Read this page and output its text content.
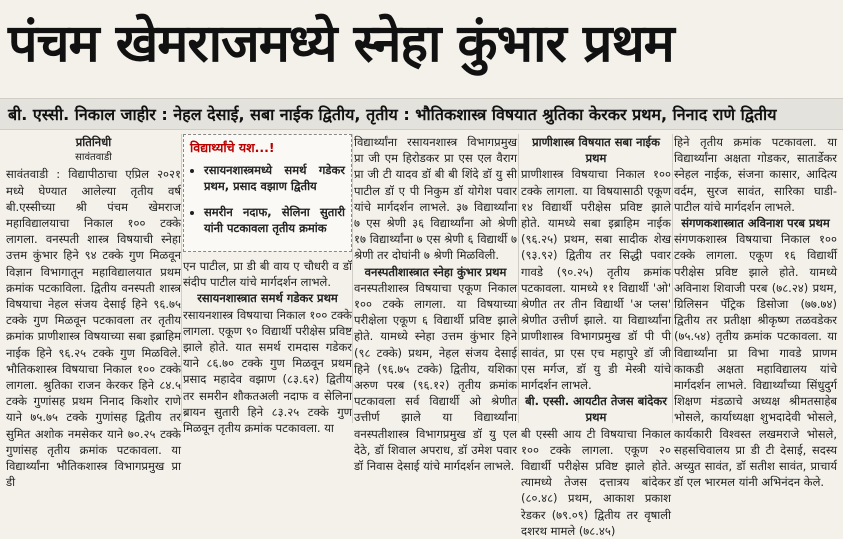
पंचम खेमराजमध्ये स्नेहा कुंभार प्रथम
बी. एस्सी. निकाल जाहीर : नेहल देसाई, सबा नाईक द्वितीय, तृतीय : भौतिकशास्त्र विषयात श्रुतिका केरकर प्रथम, निनाद राणे द्वितीय
प्रतिनिधी
सावंतवाडी

सावंतवाडी : विद्यापीठाचा एप्रिल २०२१ मध्ये घेण्यात आलेल्या तृतीय वर्ष बी.एस्सीच्या श्री पंचम खेमराज महाविद्यालयाचा निकाल १०० टक्के लागला. वनस्पती शास्त्र विषयाची स्नेहा उत्तम कुंभार हिने ९४ टक्के गुण मिळवून विज्ञान विभागातून महाविद्यालयात प्रथम क्रमांक पटकाविला. द्वितीय वनस्पती शास्त्र विषयाचा नेहल संजय देसाई हिने ९६.७५ टक्के गुण मिळवून पटकावला तर तृतीय क्रमांक प्राणीशास्त्र विषयाच्या सबा इब्राहिम नाईक हिने ९६.२५ टक्के गुण मिळविले. भौतिकशास्त्र विषयाचा निकाल १०० टक्के लागला. श्रुतिका राजन केरकर हिने ८४.५ टक्के गुणांसह प्रथम निनाद किशोर राणे याने ७५.७५ टक्के गुणांसह द्वितीय तर सुमित अशोक नमसेकर याने ७०.२५ टक्के गुणांसह तृतीय क्रमांक पटकावला. या विद्यार्थ्यांना भौतिकशास्त्र विभागप्रमुख प्रा डी

विद्यार्थ्यांचे यश...!
• रसायनशास्त्रमध्ये समर्थ गडेकर प्रथम, प्रसाद वझाण द्वितीय
• समरीन नदाफ, सेलिना सुतारी यांनी पटकावला तृतीय क्रमांक

एन पाटील, प्रा डी बी वाय ए चौधरी व डॉ संदीप पाटील यांचे मार्गदर्शन लाभले.

रसायनशास्त्रात समर्थ गडेकर प्रथम

रसायनशास्त्र विषयाचा निकाल १०० टक्के लागला. एकूण ९० विद्यार्थी परीक्षेस प्रविष्ट झाले होते. यात समर्थ रामदास गडेकर याने ८६.७० टक्के गुण मिळवून प्रथम प्रसाद महादेव वझाण (८३.६२) द्वितीय तर समरीन शौकतअली नदाफ व सेलिना ब्रायन सुतारी हिने ८३.२५ टक्के गुण मिळवून तृतीय क्रमांक पटकावला. या

विद्यार्थ्यांना रसायनशास्त्र विभागप्रमुख प्रा जी एम हिरोडकर प्रा एस एल वैराग प्रा जी टी यादव डॉ बी बी शिंदे डॉ यु सी पाटील डॉ ए पी निकुम डॉ योगेश पवार यांचे मार्गदर्शन लाभले. ३७ विद्यार्थ्यांना ७ एस श्रेणी ३६ विद्यार्थ्यांना ओ श्रेणी १७ विद्यार्थ्यांना ७ एस श्रेणी ६ विद्यार्थी ७ श्रेणी तर दोघांनी ७ श्रेणी मिळविली.

वनस्पतीशास्त्रात स्नेहा कुंभार प्रथम

वनस्पतीशास्त्र विषयाचा एकूण निकाल १०० टक्के लागला. या विषयाच्या परीक्षेला एकूण ६ विद्यार्थी प्रविष्ट झाले होते. यामध्ये स्नेहा उत्तम कुंभार हिने (९८ टक्के) प्रथम, नेहल संजय देसाई हिने (९६.७५ टक्के) द्वितीय, यशिका अरुण परब (९६.१२) तृतीय क्रमांक पटकावला सर्व विद्यार्थी ओ श्रेणीत उत्तीर्ण झाले या विद्यार्थ्यांना वनस्पतीशास्त्र विभागप्रमुख डॉ यु एल देठे, डॉ शिवाल अपराध, डॉ उमेश पवार डॉ निवास देसाई यांचे मार्गदर्शन लाभले.

प्राणीशास्त्र विषयात सबा नाईक प्रथम

प्राणीशास्त्र विषयाचा निकाल १०० टक्के लागला. या विषयासाठी एकूण १४ विद्यार्थी परीक्षेस प्रविष्ट झाले होते. यामध्ये सबा इब्राहिम नाईक (९६.२५) प्रथम, सबा सादीक शेख (९३.९२) द्वितीय तर सिद्धी पवार गावडे (९०.२५) तृतीय क्रमांक पटकावला. यामध्ये ११ विद्यार्थी 'ओ' श्रेणीत तर तीन विद्यार्थी 'अ प्लस' श्रेणीत उत्तीर्ण झाले. या विद्यार्थ्यांना प्राणीशास्त्र विभागप्रमुख डॉ पी पी सावंत, प्रा एस एच महापुरे डॉ जी एस मर्गज, डॉ यु डी मेस्त्री यांचे मार्गदर्शन लाभले.

बी. एस्सी. आयटीत तेजस बांदेकर प्रथम

बी एस्सी आय टी विषयाचा निकाल १०० टक्के लागला. एकूण २० विद्यार्थी परीक्षेस प्रविष्ट झाले होते. त्यामध्ये तेजस दत्तात्रय बांदेकर (८०.४८) प्रथम, आकाश प्रकाश रेडकर (७९.०९) द्वितीय तर वृषाली दशरथ मामले (७८.४५)

हिने तृतीय क्रमांक पटकावला. या विद्यार्थ्यांना अक्षता गोडकर, सातार्डेकर स्नेहल नाईक, संजना कासार, आदित्य वर्दम, सुरज सावंत, सारिका घाडी-पाटील यांचे मार्गदर्शन लाभले.

संगणकशास्त्रात अविनाश परब प्रथम

संगणकशास्त्र विषयाचा निकाल १०० टक्के लागला. एकूण १६ विद्यार्थी परीक्षेस प्रविष्ट झाले होते. यामध्ये अविनाश शिवाजी परब (७८.२४) प्रथम, ग्रिलिसन पॅट्रिक डिसोजा (७७.७४) द्वितीय तर प्रतीक्षा श्रीकृष्ण तळवडेकर (७५.५४) तृतीय क्रमांक पटकावला. या विद्यार्थ्यांना प्रा विभा गावडे प्राणम काकडी अक्षता महाविद्यालय यांचे मार्गदर्शन लाभले. विद्यार्थ्यांच्या सिंधुदुर्ग शिक्षण मंडळाचे अध्यक्ष श्रीमतसाहेब भोसले, कार्याध्यक्षा शुभदादेवी भोसले, कार्यकारी विश्वस्त लखमराजे भोसले, सहसचिवालय प्रा डी टी देसाई, सदस्य अच्युत सावंत, डॉ सतीश सावंत, प्राचार्य डॉ एल भारमल यांनी अभिनंदन केले.
